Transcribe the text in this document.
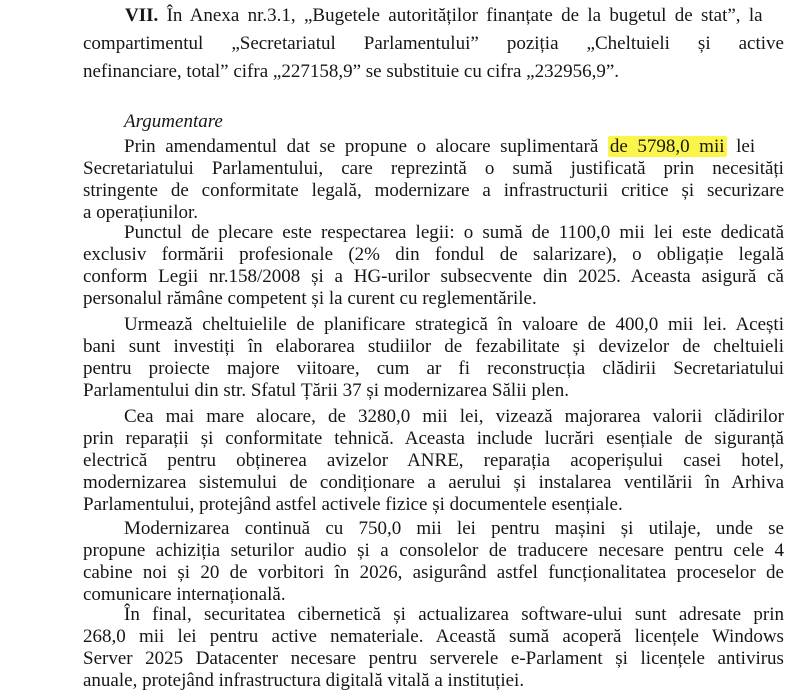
VII. În Anexa nr.3.1, „Bugetele autorităților finanțate de la bugetul de stat”, la
compartimentul „Secretariatul Parlamentului” poziția „Cheltuieli și active
nefinanciare, total” cifra „227158,9” se substituie cu cifra „232956,9”.
Argumentare
Prin amendamentul dat se propune o alocare suplimentară de 5798,0 mii lei
Secretariatului Parlamentului, care reprezintă o sumă justificată prin necesități
stringente de conformitate legală, modernizare a infrastructurii critice și securizare
a operațiunilor.
Punctul de plecare este respectarea legii: o sumă de 1100,0 mii lei este dedicată
exclusiv formării profesionale (2% din fondul de salarizare), o obligație legală
conform Legii nr.158/2008 și a HG-urilor subsecvente din 2025. Aceasta asigură că
personalul rămâne competent și la curent cu reglementările.
Urmează cheltuielile de planificare strategică în valoare de 400,0 mii lei. Acești
bani sunt investiți în elaborarea studiilor de fezabilitate și devizelor de cheltuieli
pentru proiecte majore viitoare, cum ar fi reconstrucția clădirii Secretariatului
Parlamentului din str. Sfatul Țării 37 și modernizarea Sălii plen.
Cea mai mare alocare, de 3280,0 mii lei, vizează majorarea valorii clădirilor
prin reparații și conformitate tehnică. Aceasta include lucrări esențiale de siguranță
electrică pentru obținerea avizelor ANRE, reparația acoperișului casei hotel,
modernizarea sistemului de condiționare a aerului și instalarea ventilării în Arhiva
Parlamentului, protejând astfel activele fizice și documentele esențiale.
Modernizarea continuă cu 750,0 mii lei pentru mașini și utilaje, unde se
propune achiziția seturilor audio și a consolelor de traducere necesare pentru cele 4
cabine noi și 20 de vorbitori în 2026, asigurând astfel funcționalitatea proceselor de
comunicare internațională.
În final, securitatea cibernetică și actualizarea software-ului sunt adresate prin
268,0 mii lei pentru active nemateriale. Această sumă acoperă licențele Windows
Server 2025 Datacenter necesare pentru serverele e-Parlament și licențele antivirus
anuale, protejând infrastructura digitală vitală a instituției.
